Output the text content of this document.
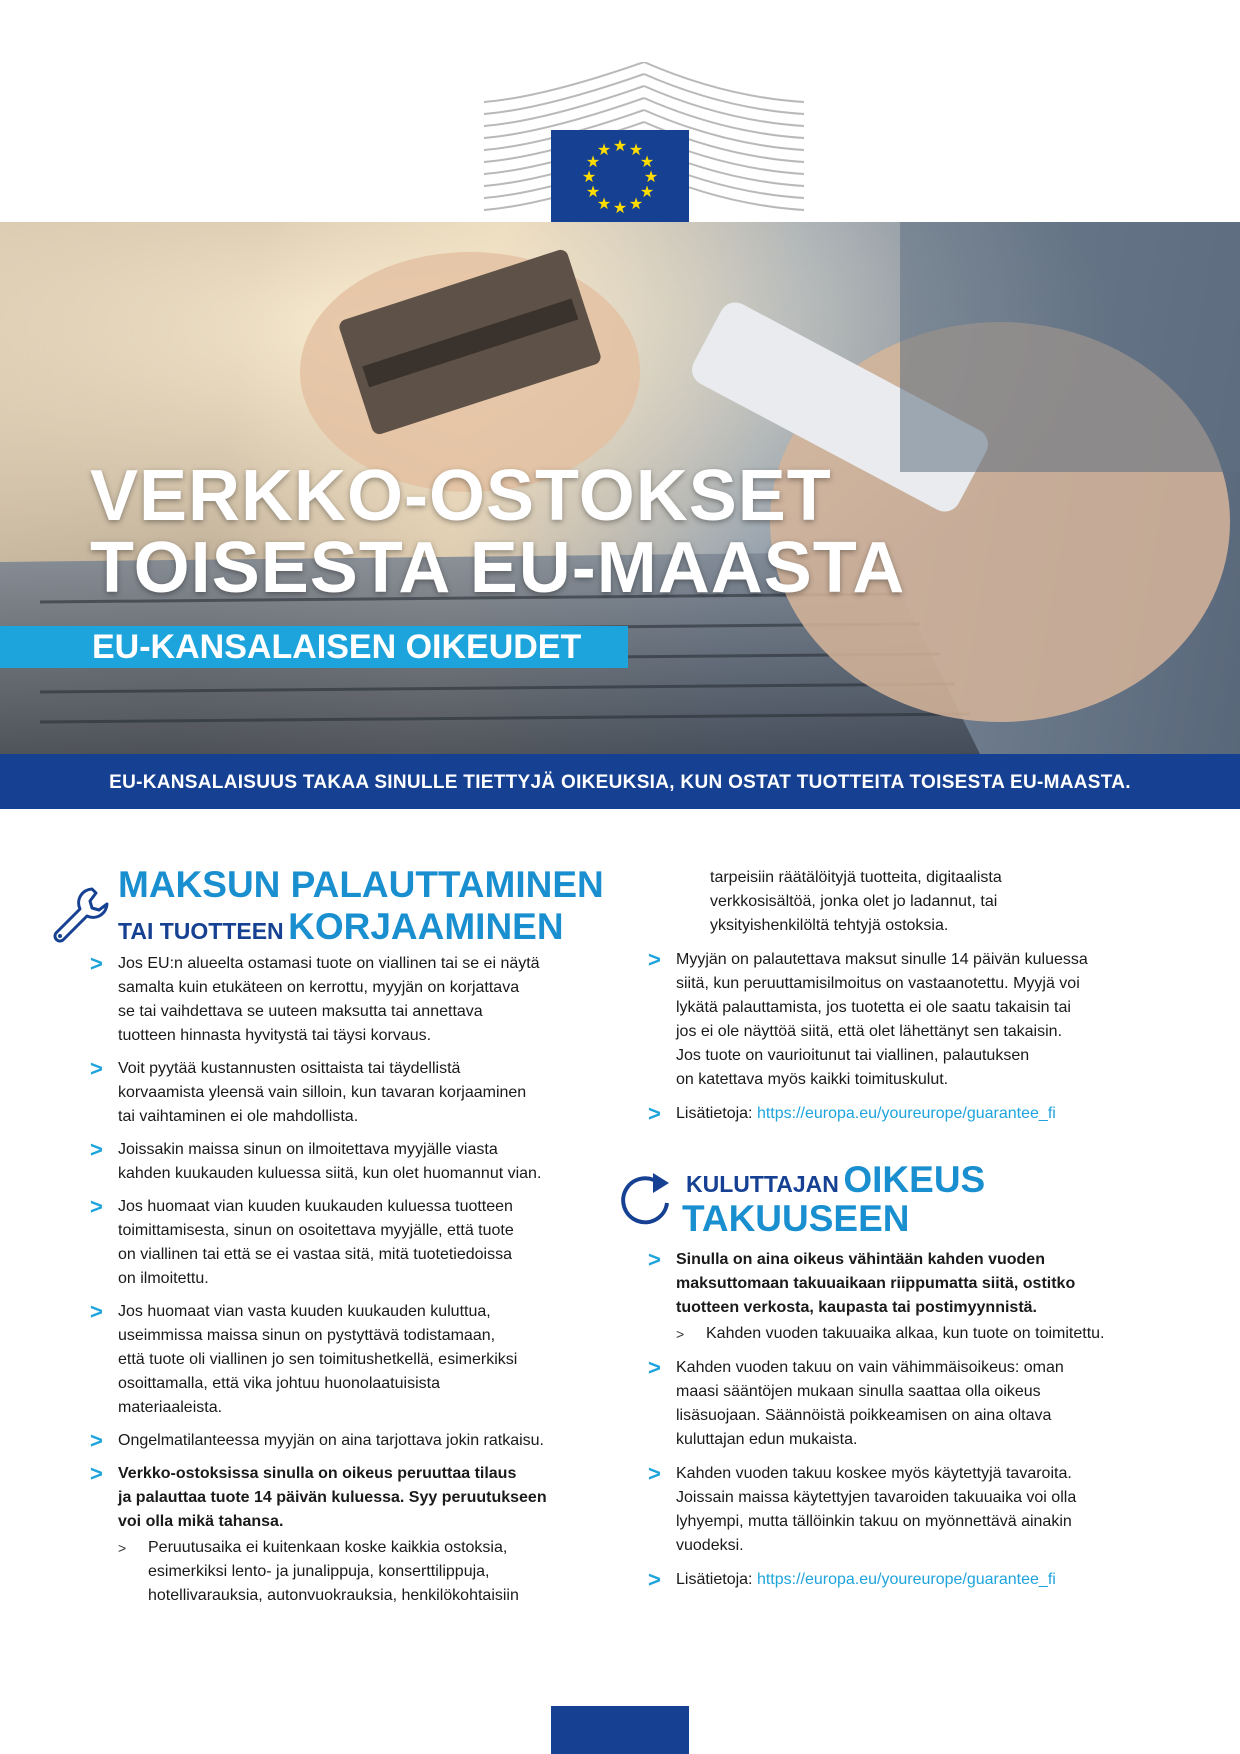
★ ★
★
★
★
★
★
★
★
★
★
★
VERKKO-OSTOKSET
TOISESTA EU-MAASTA
EU-KANSALAISEN OIKEUDET
EU-KANSALAISUUS TAKAA SINULLE TIETTYJÄ OIKEUKSIA, KUN OSTAT TUOTTEITA TOISESTA EU-MAASTA.
MAKSUN PALAUTTAMINEN
TAI TUOTTEEN KORJAAMINEN
> Jos EU:n alueelta ostamasi tuote on viallinen tai se ei näytä
samalta kuin etukäteen on kerrottu, myyjän on korjattava
se tai vaihdettava se uuteen maksutta tai annettava
tuotteen hinnasta hyvitystä tai täysi korvaus.
> Voit pyytää kustannusten osittaista tai täydellistä
korvaamista yleensä vain silloin, kun tavaran korjaaminen
tai vaihtaminen ei ole mahdollista.
> Joissakin maissa sinun on ilmoitettava myyjälle viasta
kahden kuukauden kuluessa siitä, kun olet huomannut vian.
> Jos huomaat vian kuuden kuukauden kuluessa tuotteen
toimittamisesta, sinun on osoitettava myyjälle, että tuote
on viallinen tai että se ei vastaa sitä, mitä tuotetiedoissa
on ilmoitettu.
> Jos huomaat vian vasta kuuden kuukauden kuluttua,
useimmissa maissa sinun on pystyttävä todistamaan,
että tuote oli viallinen jo sen toimitushetkellä, esimerkiksi
osoittamalla, että vika johtuu huonolaatuisista
materiaaleista.
> Ongelmatilanteessa myyjän on aina tarjottava jokin ratkaisu.
> Verkko-ostoksissa sinulla on oikeus peruuttaa tilaus
ja palauttaa tuote 14 päivän kuluessa. Syy peruutukseen
voi olla mikä tahansa.
> Peruutusaika ei kuitenkaan koske kaikkia ostoksia,
esimerkiksi lento- ja junalippuja, konserttilippuja,
hotellivarauksia, autonvuokrauksia, henkilökohtaisiin
tarpeisiin räätälöityjä tuotteita, digitaalista
verkkosisältöä, jonka olet jo ladannut, tai
yksityishenkilöltä tehtyjä ostoksia.
> Myyjän on palautettava maksut sinulle 14 päivän kuluessa
siitä, kun peruuttamisilmoitus on vastaanotettu. Myyjä voi
lykätä palauttamista, jos tuotetta ei ole saatu takaisin tai
jos ei ole näyttöä siitä, että olet lähettänyt sen takaisin.
Jos tuote on vaurioitunut tai viallinen, palautuksen
on katettava myös kaikki toimituskulut.
> Lisätietoja: https://europa.eu/youreurope/guarantee_fi
KULUTTAJAN OIKEUS
TAKUUSEEN
> Sinulla on aina oikeus vähintään kahden vuoden
maksuttomaan takuuaikaan riippumatta siitä, ostitko
tuotteen verkosta, kaupasta tai postimyynnistä.
> Kahden vuoden takuuaika alkaa, kun tuote on toimitettu.
> Kahden vuoden takuu on vain vähimmäisoikeus: oman
maasi sääntöjen mukaan sinulla saattaa olla oikeus
lisäsuojaan. Säännöistä poikkeamisen on aina oltava
kuluttajan edun mukaista.
> Kahden vuoden takuu koskee myös käytettyjä tavaroita.
Joissain maissa käytettyjen tavaroiden takuuaika voi olla
lyhyempi, mutta tällöinkin takuu on myönnettävä ainakin
vuodeksi.
> Lisätietoja: https://europa.eu/youreurope/guarantee_fi
